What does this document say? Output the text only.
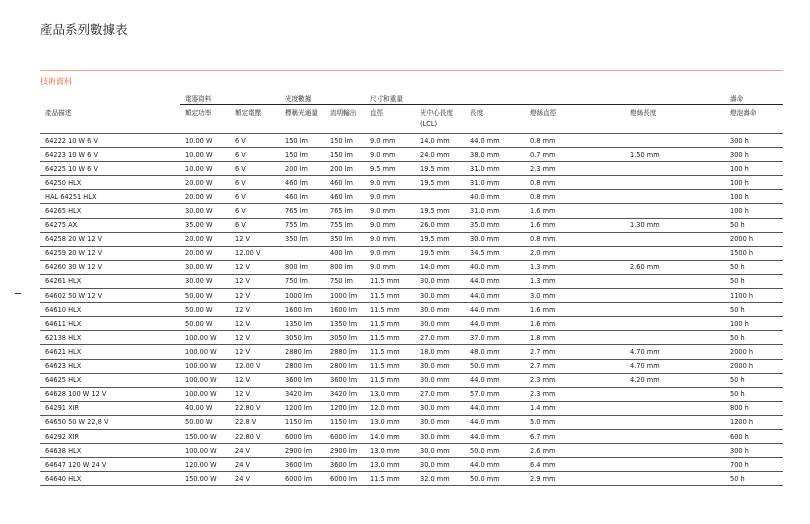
產品系列數據表
技術資料
	電器資料		光度數據		尺寸和重量					壽命
產品描述	額定功率	額定電壓	標稱光通量	流明輸出	直徑	光中心長度 (LCL)	長度	燈絲直徑	燈絲長度	燈泡壽命
64222 10 W 6 V	10.00 W	6 V	150 lm	150 lm	9.0 mm	14.0 mm	44.0 mm	0.8 mm		300 h
64223 10 W 6 V	10.00 W	6 V	150 lm	150 lm	9.0 mm	24.0 mm	38.0 mm	0.7 mm	1.50 mm	300 h
64225 10 W 6 V	10.00 W	6 V	200 lm	200 lm	9.5 mm	19.5 mm	31.0 mm	2.3 mm		100 h
64250 HLX	20.00 W	6 V	460 lm	460 lm	9.0 mm	19.5 mm	31.0 mm	0.8 mm		100 h
HAL 64251 HLX	20.00 W	6 V	460 lm	460 lm	9.0 mm		40.0 mm	0.8 mm		100 h
64265 HLX	30.00 W	6 V	765 lm	765 lm	9.0 mm	19.5 mm	31.0 mm	1.6 mm		100 h
64275 AX	35.00 W	6 V	755 lm	755 lm	9.0 mm	26.0 mm	35.0 mm	1.6 mm	1.30 mm	50 h
64258 20 W 12 V	20.00 W	12 V	350 lm	350 lm	9.0 mm	19.5 mm	30.0 mm	0.8 mm		2000 h
64259 20 W 12 V	20.00 W	12.00 V		400 lm	9.0 mm	19.5 mm	34.5 mm	2.0 mm		1500 h
64260 30 W 12 V	30.00 W	12 V	800 lm	800 lm	9.0 mm	14.0 mm	40.0 mm	1.3 mm	2.60 mm	50 h
64261 HLX	30.00 W	12 V	750 lm	750 lm	11.5 mm	30.0 mm	44.0 mm	1.3 mm		50 h
64602 50 W 12 V	50.00 W	12 V	1000 lm	1000 lm	11.5 mm	30.0 mm	44.0 mm	3.0 mm		1100 h
64610 HLX	50.00 W	12 V	1600 lm	1600 lm	11.5 mm	30.0 mm	44.0 mm	1.6 mm		50 h
64611 HLX	50.00 W	12 V	1350 lm	1350 lm	11.5 mm	30.0 mm	44.0 mm	1.6 mm		100 h
62138 HLX	100.00 W	12 V	3050 lm	3050 lm	11.5 mm	27.0 mm	37.0 mm	1.8 mm		50 h
64621 HLX	100.00 W	12 V	2880 lm	2880 lm	11.5 mm	18.0 mm	48.0 mm	2.7 mm	4.70 mm	2000 h
64623 HLX	100.00 W	12.00 V	2800 lm	2800 lm	11.5 mm	30.0 mm	50.0 mm	2.7 mm	4.70 mm	2000 h
64625 HLX	100.00 W	12 V	3600 lm	3600 lm	11.5 mm	30.0 mm	44.0 mm	2.3 mm	4.20 mm	50 h
64628 100 W 12 V	100.00 W	12 V	3420 lm	3420 lm	13.0 mm	27.0 mm	57.0 mm	2.3 mm		50 h
64291 XIR	40.00 W	22.80 V	1200 lm	1200 lm	12.0 mm	30.0 mm	44.0 mm	1.4 mm		800 h
64650 50 W 22,8 V	50.00 W	22.8 V	1150 lm	1150 lm	13.0 mm	30.0 mm	44.0 mm	5.0 mm		1200 h
64292 XIR	150.00 W	22.80 V	6000 lm	6000 lm	14.0 mm	30.0 mm	44.0 mm	6.7 mm		600 h
64638 HLX	100.00 W	24 V	2900 lm	2900 lm	13.0 mm	30.0 mm	50.0 mm	2.6 mm		300 h
64647 120 W 24 V	120.00 W	24 V	3600 lm	3600 lm	13.0 mm	30.0 mm	44.0 mm	6.4 mm		700 h
64640 HLX	150.00 W	24 V	6000 lm	6000 lm	11.5 mm	32.0 mm	50.0 mm	2.9 mm		50 h
